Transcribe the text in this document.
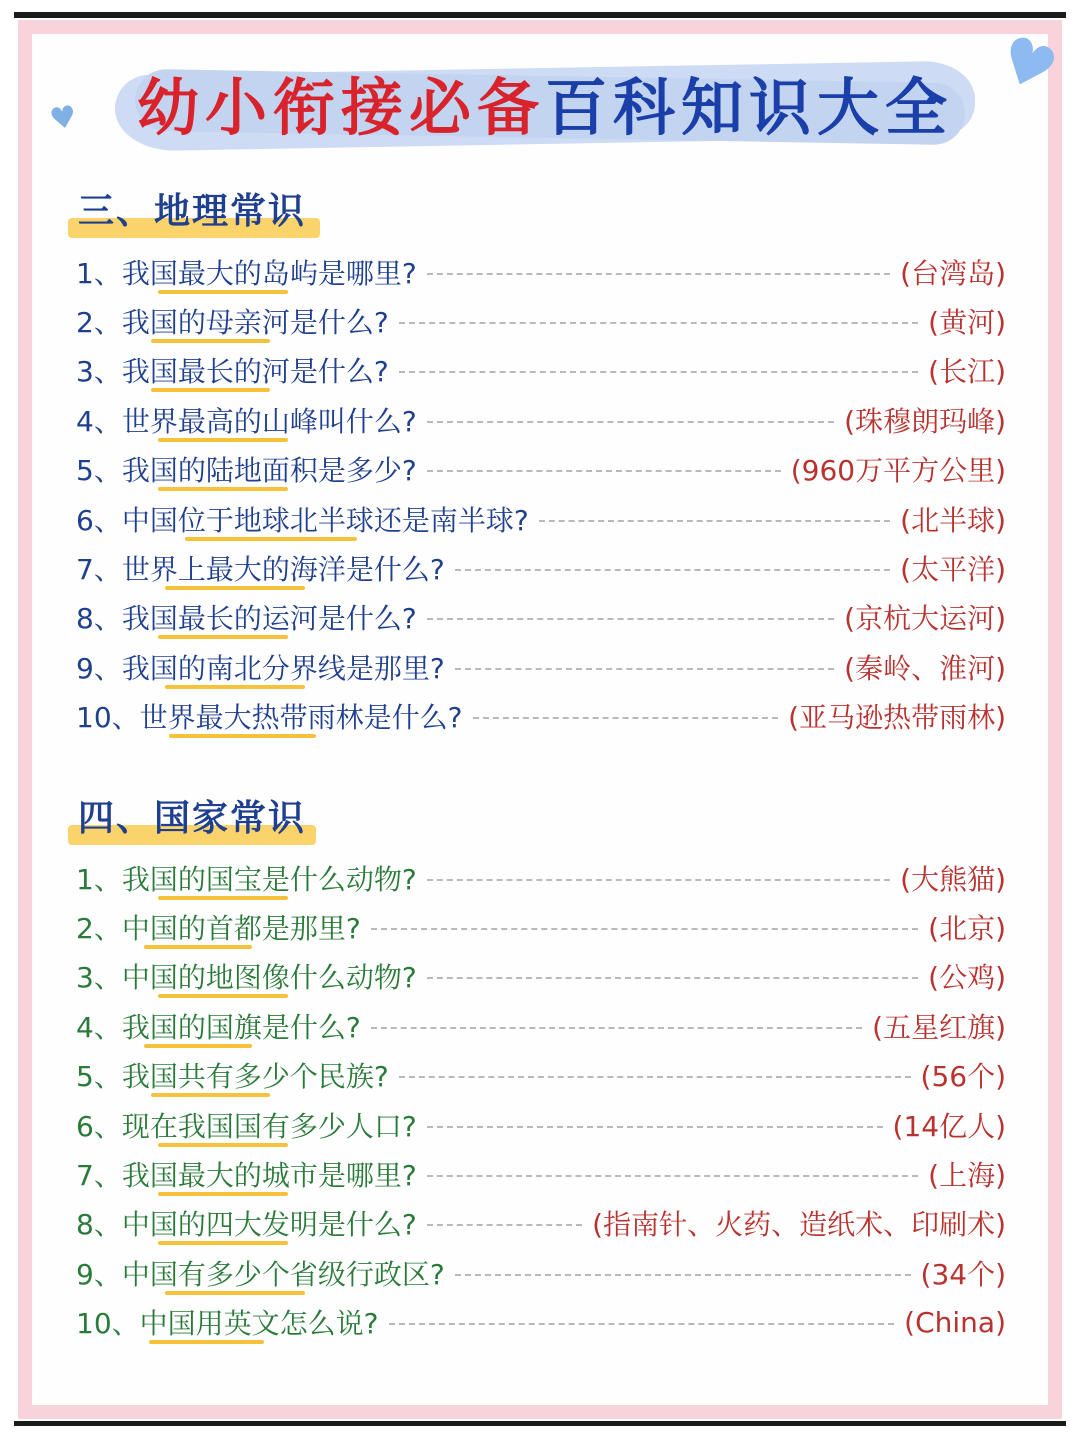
♥
♥
幼小衔接必备百科知识大全
三、地理常识
1、我国最大的岛屿是哪里?	(台湾岛)
2、我国的母亲河是什么?	(黄河)
3、我国最长的河是什么?	(长江)
4、世界最高的山峰叫什么?	(珠穆朗玛峰)
5、我国的陆地面积是多少?	(960万平方公里)
6、中国位于地球北半球还是南半球?	(北半球)
7、世界上最大的海洋是什么?	(太平洋)
8、我国最长的运河是什么?	(京杭大运河)
9、我国的南北分界线是那里?	(秦岭、淮河)
10、世界最大热带雨林是什么?	(亚马逊热带雨林)
四、国家常识
1、我国的国宝是什么动物?	(大熊猫)
2、中国的首都是那里?	(北京)
3、中国的地图像什么动物?	(公鸡)
4、我国的国旗是什么?	(五星红旗)
5、我国共有多少个民族?	(56个)
6、现在我国国有多少人口?	(14亿人)
7、我国最大的城市是哪里?	(上海)
8、中国的四大发明是什么?	(指南针、火药、造纸术、印刷术)
9、中国有多少个省级行政区?	(34个)
10、中国用英文怎么说?	(China)
